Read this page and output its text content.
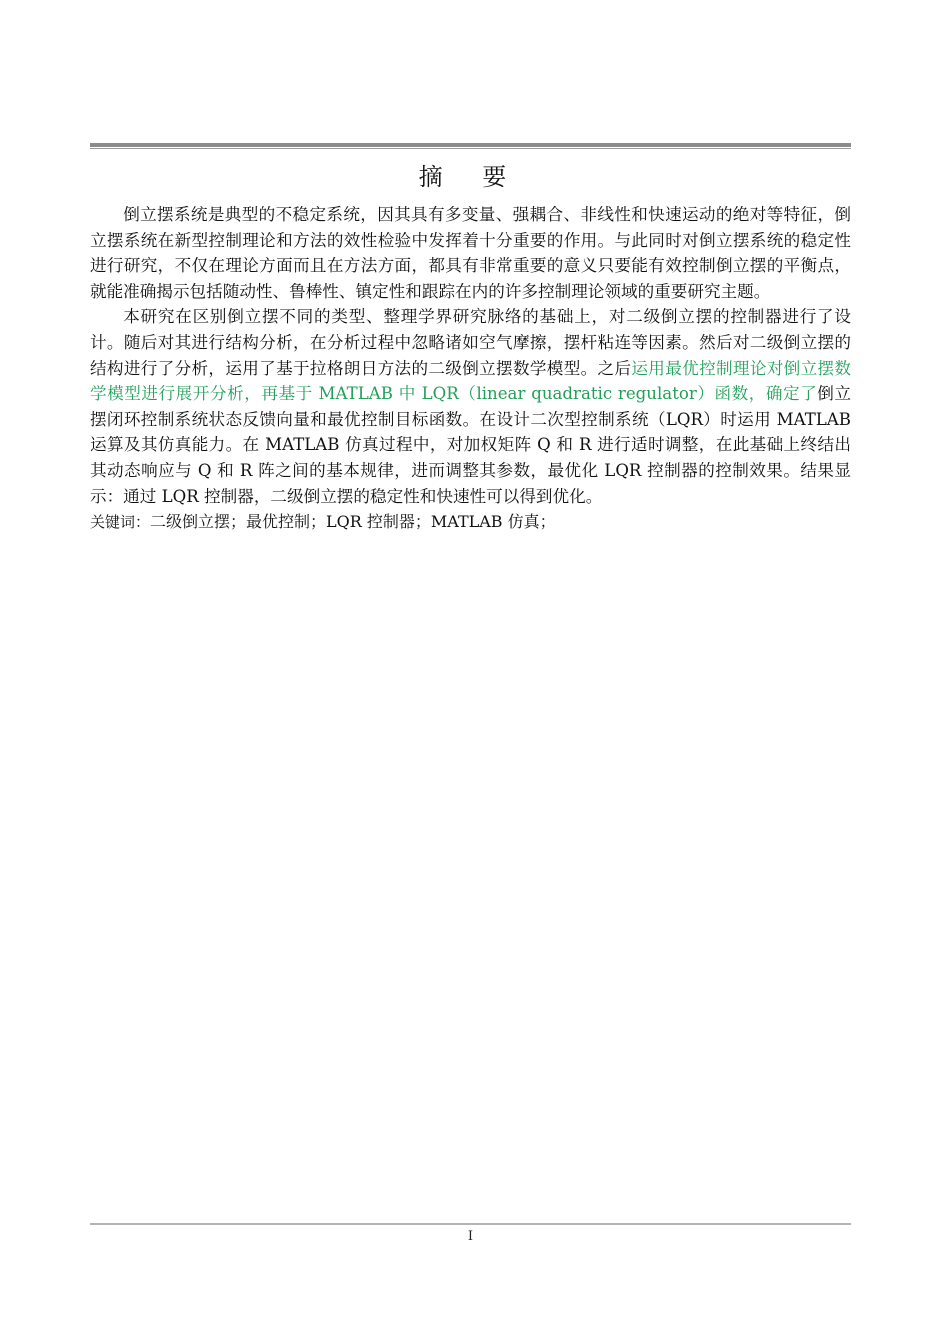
摘 要

倒立摆系统是典型的不稳定系统，因其具有多变量、强耦合、非线性和快速运动的绝对等特征，倒立摆系统在新型控制理论和方法的效性检验中发挥着十分重要的作用。与此同时对倒立摆系统的稳定性进行研究，不仅在理论方面而且在方法方面，都具有非常重要的意义只要能有效控制倒立摆的平衡点，就能准确揭示包括随动性、鲁棒性、镇定性和跟踪在内的许多控制理论领域的重要研究主题。

本研究在区别倒立摆不同的类型、整理学界研究脉络的基础上，对二级倒立摆的控制器进行了设计。随后对其进行结构分析，在分析过程中忽略诸如空气摩擦，摆杆粘连等因素。然后对二级倒立摆的结构进行了分析，运用了基于拉格朗日方法的二级倒立摆数学模型。之后运用最优控制理论对倒立摆数学模型进行展开分析，再基于 MATLAB 中 LQR（linear quadratic regulator）函数，确定了倒立摆闭环控制系统状态反馈向量和最优控制目标函数。在设计二次型控制系统（LQR）时运用 MATLAB 运算及其仿真能力。在 MATLAB 仿真过程中，对加权矩阵 Q 和 R 进行适时调整，在此基础上终结出其动态响应与 Q 和 R 阵之间的基本规律，进而调整其参数，最优化 LQR 控制器的控制效果。结果显示：通过 LQR 控制器，二级倒立摆的稳定性和快速性可以得到优化。

关键词：二级倒立摆；最优控制；LQR 控制器；MATLAB 仿真；

I
